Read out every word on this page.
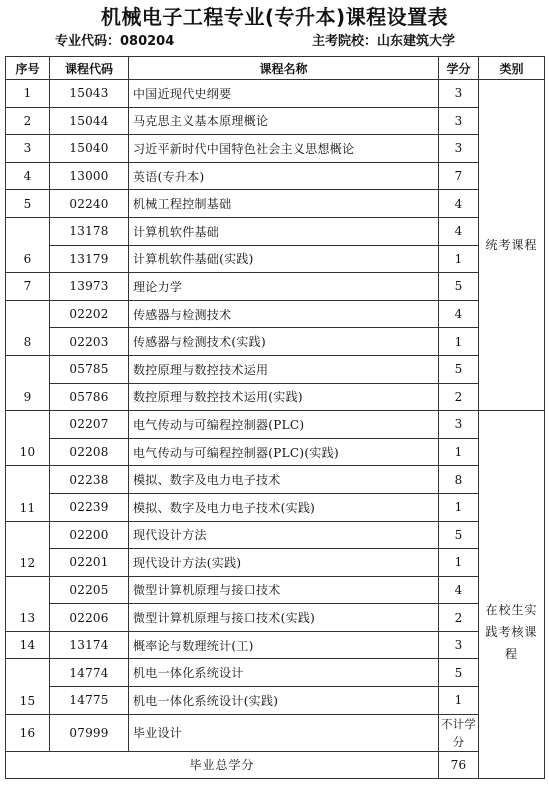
机械电子工程专业(专升本)课程设置表
专业代码：080204	主考院校：山东建筑大学
序号	课程代码	课程名称	学分	类别	
1	15043	中国近现代史纲要	3	统考课程	
2	15044	马克思主义基本原理概论	3		
3	15040	习近平新时代中国特色社会主义思想概论	3		
4	13000	英语(专升本)	7		
5	02240	机械工程控制基础	4		
6	13178	计算机软件基础	4		
	13179	计算机软件基础(实践)	1		
7	13973	理论力学	5		
8	02202	传感器与检测技术	4		
	02203	传感器与检测技术(实践)	1		
9	05785	数控原理与数控技术运用	5		
	05786	数控原理与数控技术运用(实践)	2		
10	02207	电气传动与可编程控制器(PLC)	3	在校生实践考核课程	
	02208	电气传动与可编程控制器(PLC)(实践)	1		
11	02238	模拟、数字及电力电子技术	8		
	02239	模拟、数字及电力电子技术(实践)	1		
12	02200	现代设计方法	5		
	02201	现代设计方法(实践)	1		
13	02205	微型计算机原理与接口技术	4		
	02206	微型计算机原理与接口技术(实践)	2		
14	13174	概率论与数理统计(工)	3		
15	14774	机电一体化系统设计	5		
	14775	机电一体化系统设计(实践)	1		
16	07999	毕业设计	不计学分		
毕业总学分			76		
